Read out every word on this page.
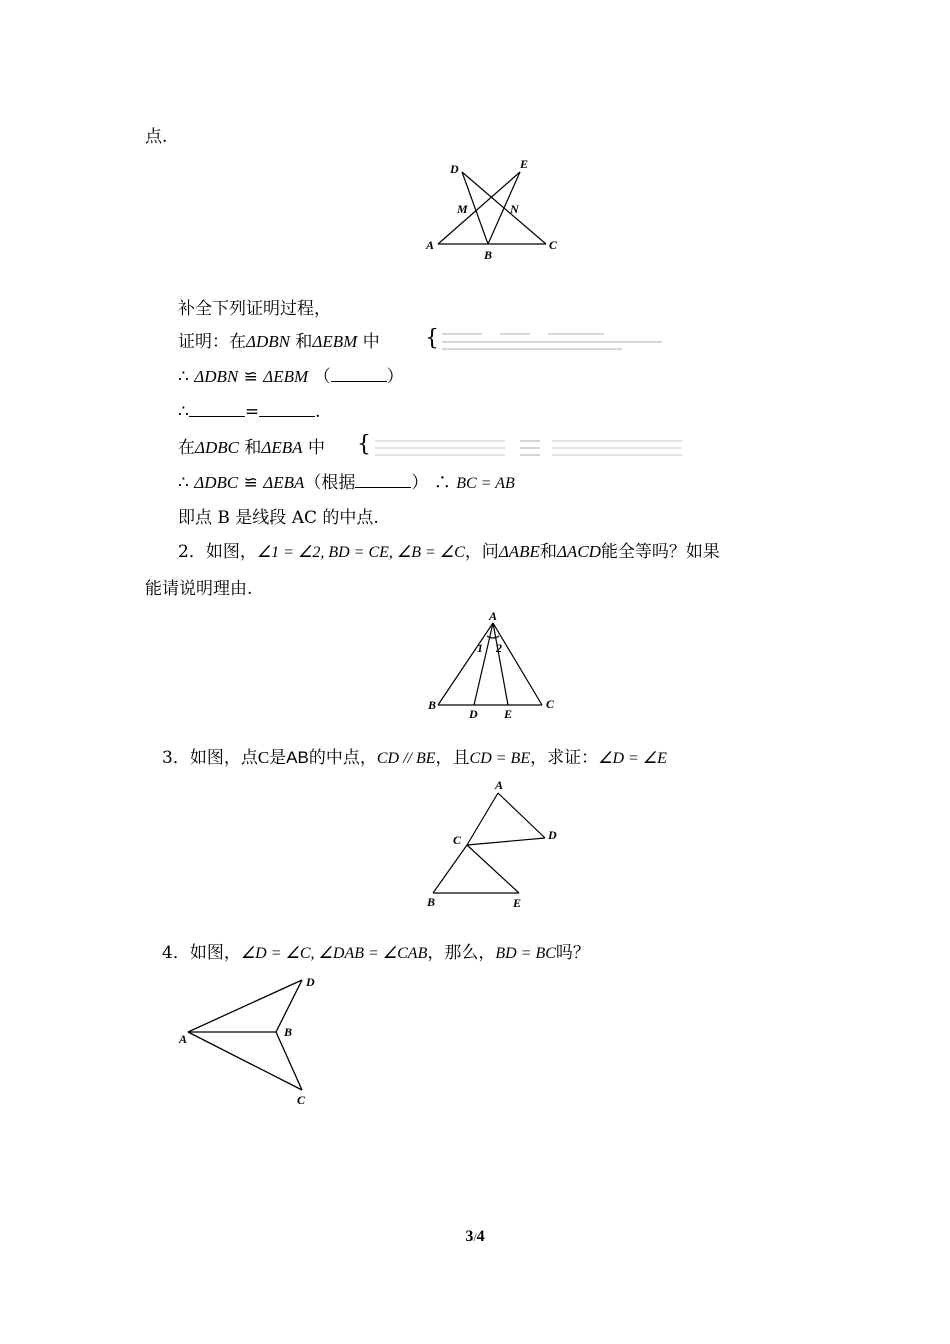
点.
D	E
M	N
A
B
C
补全下列证明过程，
证明：在ΔDBN 和ΔEBM 中 {
∴ ΔDBN ≌ ΔEBM （	）
∴	=	.
在ΔDBC 和ΔEBA 中 {
∴ ΔDBC ≌ ΔEBA（根据	） ∴ BC = AB
即点 B 是线段 AC 的中点.
2．如图，∠1 = ∠2, BD = CE, ∠B = ∠C，问ΔABE和ΔACD能全等吗？如果
能请说明理由.
A
1 2
B
D E
C
3．如图，点C是AB的中点，CD // BE，且CD = BE，求证：∠D = ∠E
A
C	D
B	E
4．如图，∠D = ∠C, ∠DAB = ∠CAB，那么，BD = BC吗？
D
A	B
C
3/4
